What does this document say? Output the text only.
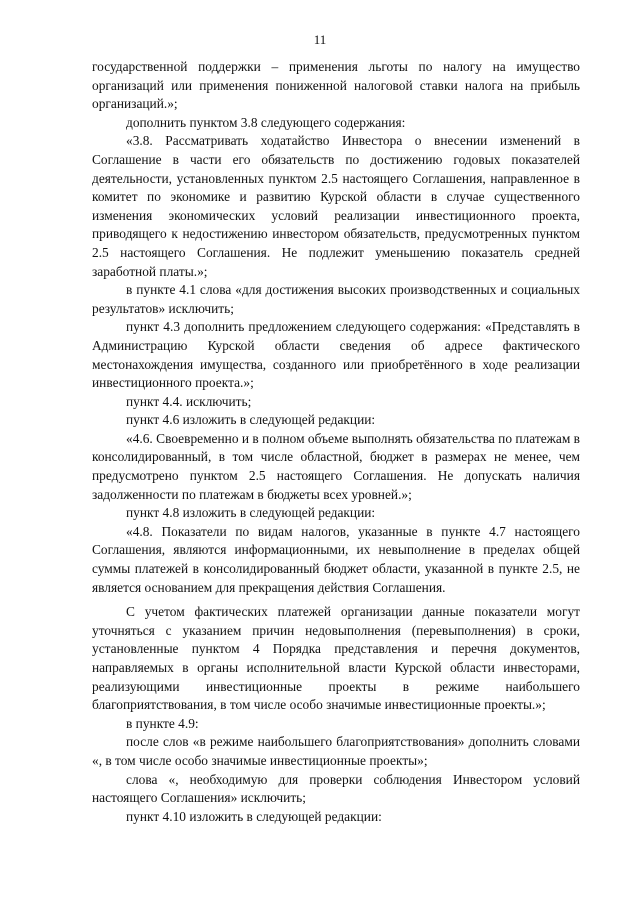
11
государственной поддержки – применения льготы по налогу на имущество организаций или применения пониженной налоговой ставки налога на прибыль организаций.»;
дополнить пунктом 3.8 следующего содержания:
«3.8. Рассматривать ходатайство Инвестора о внесении изменений в Соглашение в части его обязательств по достижению годовых показателей деятельности, установленных пунктом 2.5 настоящего Соглашения, направленное в комитет по экономике и развитию Курской области в случае существенного изменения экономических условий реализации инвестиционного проекта, приводящего к недостижению инвестором обязательств, предусмотренных пунктом 2.5 настоящего Соглашения. Не подлежит уменьшению показатель средней заработной платы.»;
в пункте 4.1 слова «для достижения высоких производственных и социальных результатов» исключить;
пункт 4.3 дополнить предложением следующего содержания: «Представлять в Администрацию Курской области сведения об адресе фактического местонахождения имущества, созданного или приобретённого в ходе реализации инвестиционного проекта.»;
пункт 4.4. исключить;
пункт 4.6 изложить в следующей редакции:
«4.6. Своевременно и в полном объеме выполнять обязательства по платежам в консолидированный, в том числе областной, бюджет в размерах не менее, чем предусмотрено пунктом 2.5 настоящего Соглашения. Не допускать наличия задолженности по платежам в бюджеты всех уровней.»;
пункт 4.8 изложить в следующей редакции:
«4.8. Показатели по видам налогов, указанные в пункте 4.7 настоящего Соглашения, являются информационными, их невыполнение в пределах общей суммы платежей в консолидированный бюджет области, указанной в пункте 2.5, не является основанием для прекращения действия Соглашения.
С учетом фактических платежей организации данные показатели могут уточняться с указанием причин недовыполнения (перевыполнения) в сроки, установленные пунктом 4 Порядка представления и перечня документов, направляемых в органы исполнительной власти Курской области инвесторами, реализующими инвестиционные проекты в режиме наибольшего благоприятствования, в том числе особо значимые инвестиционные проекты.»;
в пункте 4.9:
после слов «в режиме наибольшего благоприятствования» дополнить словами «, в том числе особо значимые инвестиционные проекты»;
слова «, необходимую для проверки соблюдения Инвестором условий настоящего Соглашения» исключить;
пункт 4.10 изложить в следующей редакции:
